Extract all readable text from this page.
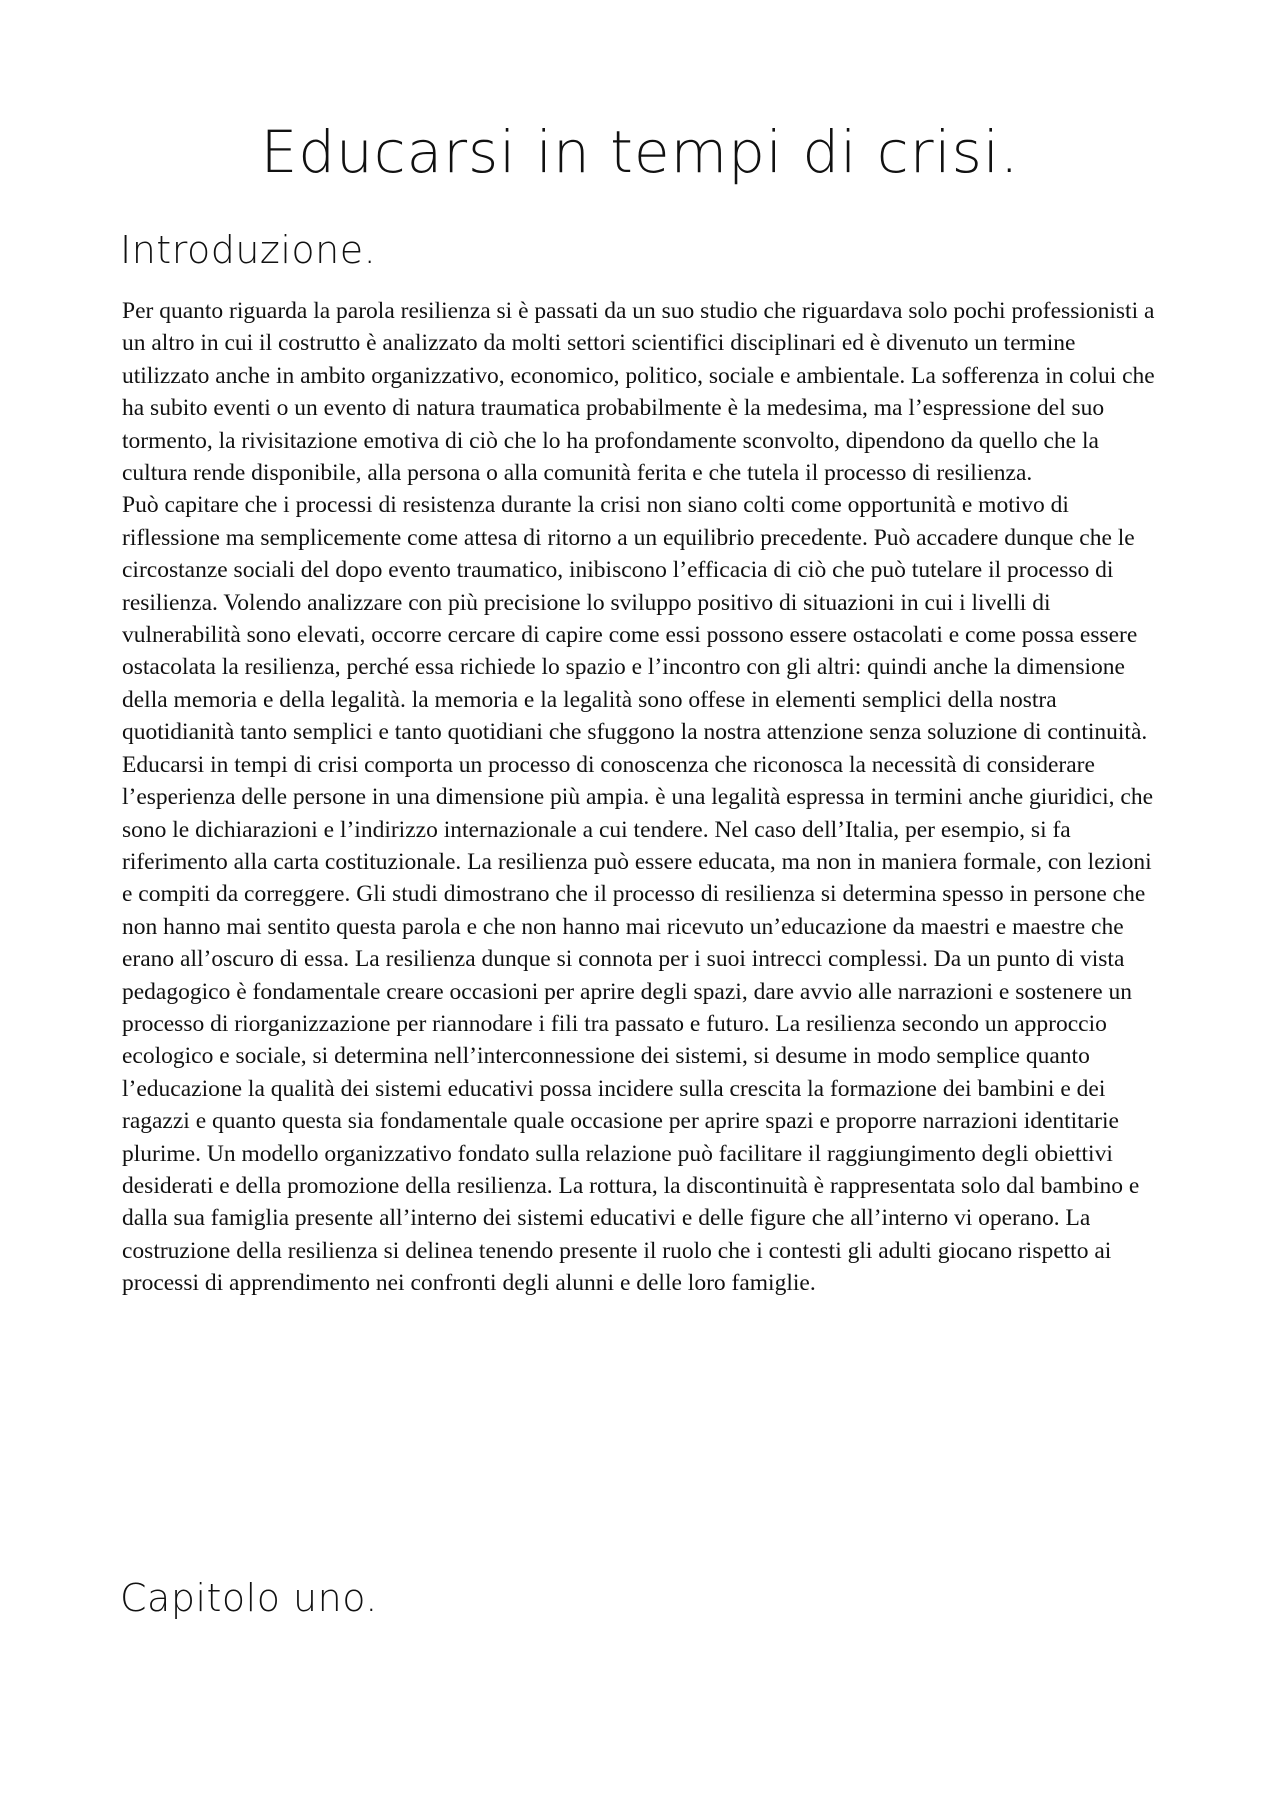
Educarsi in tempi di crisi.
Introduzione.

Per quanto riguarda la parola resilienza si è passati da un suo studio che riguardava solo pochi professionisti a un altro in cui il costrutto è analizzato da molti settori scientifici disciplinari ed è divenuto un termine utilizzato anche in ambito organizzativo, economico, politico, sociale e ambientale. La sofferenza in colui che ha subito eventi o un evento di natura traumatica probabilmente è la medesima, ma l’espressione del suo tormento, la rivisitazione emotiva di ciò che lo ha profondamente sconvolto, dipendono da quello che la cultura rende disponibile, alla persona o alla comunità ferita e che tutela il processo di resilienza.

Può capitare che i processi di resistenza durante la crisi non siano colti come opportunità e motivo di riflessione ma semplicemente come attesa di ritorno a un equilibrio precedente. Può accadere dunque che le circostanze sociali del dopo evento traumatico, inibiscono l’efficacia di ciò che può tutelare il processo di resilienza. Volendo analizzare con più precisione lo sviluppo positivo di situazioni in cui i livelli di vulnerabilità sono elevati, occorre cercare di capire come essi possono essere ostacolati e come possa essere ostacolata la resilienza, perché essa richiede lo spazio e l’incontro con gli altri: quindi anche la dimensione della memoria e della legalità. la memoria e la legalità sono offese in elementi semplici della nostra quotidianità tanto semplici e tanto quotidiani che sfuggono la nostra attenzione senza soluzione di continuità. Educarsi in tempi di crisi comporta un processo di conoscenza che riconosca la necessità di considerare l’esperienza delle persone in una dimensione più ampia. è una legalità espressa in termini anche giuridici, che sono le dichiarazioni e l’indirizzo internazionale a cui tendere. Nel caso dell’Italia, per esempio, si fa riferimento alla carta costituzionale. La resilienza può essere educata, ma non in maniera formale, con lezioni e compiti da correggere. Gli studi dimostrano che il processo di resilienza si determina spesso in persone che non hanno mai sentito questa parola e che non hanno mai ricevuto un’educazione da maestri e maestre che erano all’oscuro di essa. La resilienza dunque si connota per i suoi intrecci complessi. Da un punto di vista pedagogico è fondamentale creare occasioni per aprire degli spazi, dare avvio alle narrazioni e sostenere un processo di riorganizzazione per riannodare i fili tra passato e futuro. La resilienza secondo un approccio ecologico e sociale, si determina nell’interconnessione dei sistemi, si desume in modo semplice quanto l’educazione la qualità dei sistemi educativi possa incidere sulla crescita la formazione dei bambini e dei ragazzi e quanto questa sia fondamentale quale occasione per aprire spazi e proporre narrazioni identitarie plurime. Un modello organizzativo fondato sulla relazione può facilitare il raggiungimento degli obiettivi desiderati e della promozione della resilienza. La rottura, la discontinuità è rappresentata solo dal bambino e dalla sua famiglia presente all’interno dei sistemi educativi e delle figure che all’interno vi operano. La costruzione della resilienza si delinea tenendo presente il ruolo che i contesti gli adulti giocano rispetto ai processi di apprendimento nei confronti degli alunni e delle loro famiglie.

Capitolo uno.
